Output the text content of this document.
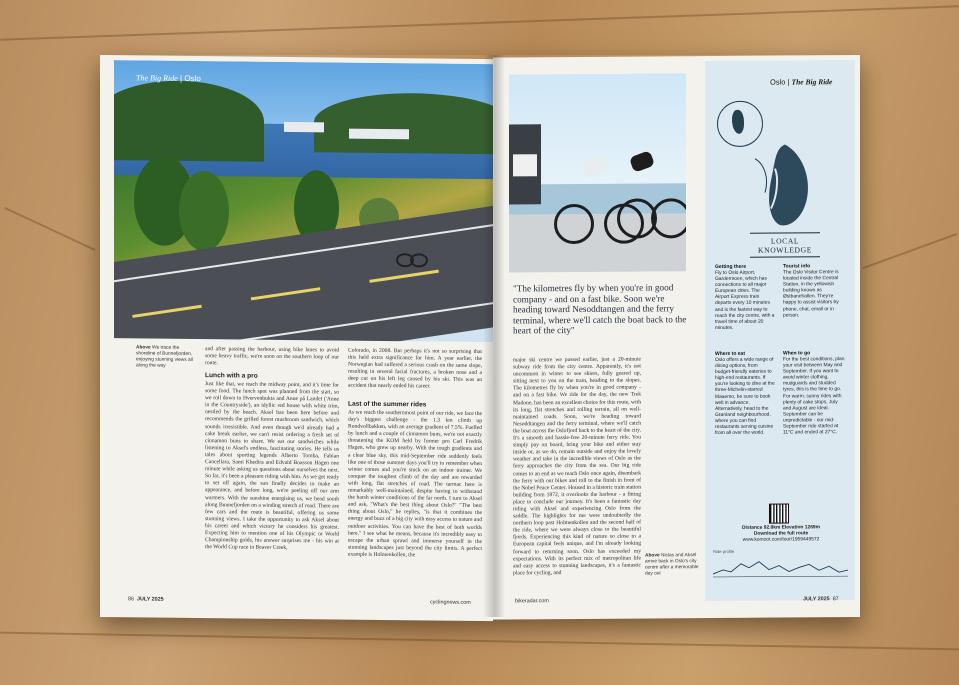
The Big Ride | Oslo
Above We trace the shoreline of Bunnefjorden, enjoying stunning views all along the way
and after passing the harbour, using bike lanes to avoid some heavy traffic, we're soon on the southern loop of our route.
Lunch with a pro
Just like that, we reach the midway point, and it's time for some food. The lunch spot was planned from the start, so we roll down to Hvervenbukta and Anne på Landet ('Anne in the Countryside'), an idyllic red house with white trim, nestled by the beach. Aksel has been here before and recommends the grilled forest mushroom sandwich, which sounds irresistible. And even though we'd already had a cake break earlier, we can't resist ordering a fresh set of cinnamon buns to share. We eat our sandwiches while listening to Aksel's endless, fascinating stories. He tells us tales about sporting legends Alberto Tomba, Fabian Cancellara, Sami Khedira and Edvald Boasson Hagen one minute while asking us questions about ourselves the next. So far, it's been a pleasure riding with him. As we get ready to set off again, the sun finally decides to make an appearance, and before long, we're peeling off our arm warmers. With the sunshine energising us, we head south along Bunnefjorden on a winding stretch of road. There are few cars and the route is beautiful, offering us some stunning views. I take the opportunity to ask Aksel about his career and which victory he considers his greatest. Expecting him to mention one of his Olympic or World Championship golds, his answer surprises me - his win at the World Cup race in Beaver Creek,
Colorado, in 2008. But perhaps it's not so surprising that this held extra significance for him. A year earlier, the Norwegian had suffered a serious crash on the same slope, resulting in several facial fractures, a broken nose and a deep cut on his left leg caused by his ski. This was an accident that nearly ended his career.
Last of the summer rides
As we reach the southernmost point of our ride, we face the day's biggest challenge - the 1.3 km climb up Rundvollbakken, with an average gradient of 7.5%. Fuelled by lunch and a couple of cinnamon buns, we're not exactly threatening the KOM held by former pro Carl Fredrik Hagen, who grew up nearby. With the tough gradients and a clear blue sky, this mid-September ride suddenly feels like one of those summer days you'll try to remember when winter comes and you're stuck on an indoor trainer. We conquer the toughest climb of the day and are rewarded with long, flat stretches of road. The tarmac here is remarkably well-maintained, despite having to withstand the harsh winter conditions of the far north. I turn to Aksel and ask, "What's the best thing about Oslo?" "The best thing about Oslo," he replies, "is that it combines the energy and buzz of a big city with easy access to nature and outdoor activities. You can have the best of both worlds here." I see what he means, because it's incredibly easy to escape the urban sprawl and immerse yourself in the stunning landscapes just beyond the city limits. A perfect example is Holmenkollen, the
86 JULY 2025	cyclingnews.com
"The kilometres fly by when you're in good company - and on a fast bike. Soon we're heading toward Nesoddtangen and the ferry terminal, where we'll catch the boat back to the heart of the city"
major ski centre we passed earlier, just a 20-minute subway ride from the city centre. Apparently, it's not uncommon in winter to see skiers, fully geared up, sitting next to you on the train, heading to the slopes. The kilometres fly by when you're in good company - and on a fast bike. We ride for the day, the new Trek Madone, has been an excellent choice for this route, with its long, flat stretches and rolling terrain, all on well-maintained roads. Soon, we're heading toward Nesoddtangen and the ferry terminal, where we'll catch the boat across the Oslofjord back to the heart of the city. It's a smooth and hassle-free 20-minute ferry ride. You simply pay on board, bring your bike and either stay inside or, as we do, remain outside and enjoy the lovely weather and take in the incredible views of Oslo as the ferry approaches the city from the sea. Our big ride comes to an end as we reach Oslo once again, disembark the ferry with our bikes and roll to the finish in front of the Nobel Peace Center. Housed in a historic train station building from 1872, it overlooks the harbour - a fitting place to conclude our journey. It's been a fantastic day riding with Aksel and experiencing Oslo from the saddle. The highlights for me were undoubtedly the northern loop past Holmenkollen and the second half of the ride, where we were always close to the beautiful fjords. Experiencing this kind of nature so close to a European capital feels unique, and I'm already looking forward to returning soon. Oslo has exceeded my expectations. With its perfect mix of metropolitan life and easy access to stunning landscapes, it's a fantastic place for cycling, and
Above Niclas and Aksel arrive back in Oslo's city centre after a memorable day out
bikeradar.com
Oslo | The Big Ride
LOCAL
KNOWLEDGE
Getting there
Fly to Oslo Airport, Gardermoen, which has connections to all major European cities. The Airport Express train departs every 10 minutes and is the fastest way to reach the city centre, with a travel time of about 20 minutes.
Tourist info
The Oslo Visitor Centre is located inside the Central Station, in the yellowish building known as Østbanehallen. They're happy to assist visitors by phone, chat, email or in person.
Where to eat
Oslo offers a wide range of dining options, from budget-friendly eateries to high-end restaurants. If you're looking to dine at the three-Michelin-starred Maaemo, be sure to book well in advance. Alternatively, head to the Grønland neighbourhood, where you can find restaurants serving cuisine from all over the world.
When to go
For the best conditions, plan your visit between May and September. If you want to avoid winter clothing, mudguards and studded tyres, this is the time to go. For warm, sunny rides with plenty of cake stops, July and August are ideal. September can be unpredictable - our mid-September ride started at 11°C and ended at 27°C.
Distance 92.8km Elevation 1269m
Download the full route
www.komoot.com/tour/1959449572
Ride profile
JULY 2025 87
